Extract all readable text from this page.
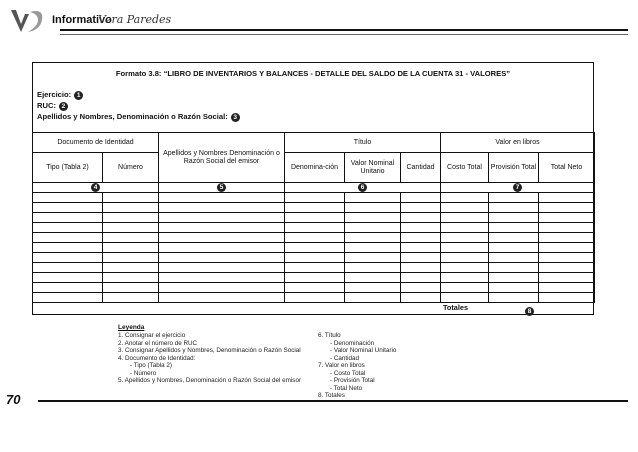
Informativo
Vera Paredes
Formato 3.8: “LIBRO DE INVENTARIOS Y BALANCES - DETALLE DEL SALDO DE LA CUENTA 31 - VALORES”
Ejercicio: 1
RUC: 2
Apellidos y Nombres, Denominación o Razón Social: 3
Documento de Identidad		Apellidos y Nombres Denominación o Razón Social del emisor	Título			Valor en libros		
Tipo (Tabla 2)	Número		Denomina-ción	Valor Nominal Unitario	Cantidad	Costo Total	Provisión Total	Total Neto
4		5	6			7		

Totales	8
Leyenda
1. Consignar el ejercicio
2. Anotar el número de RUC
3. Consignar Apellidos y Nombres, Denominación o Razón Social
4. Documento de Identidad:
- Tipo (Tabla 2)
- Número
5. Apellidos y Nombres, Denominación o Razón Social del emisor
6. Título
- Denominación
- Valor Nominal Unitario
- Cantidad
7. Valor en libros
- Costo Total
- Provisión Total
- Total Neto
8. Totales
70
